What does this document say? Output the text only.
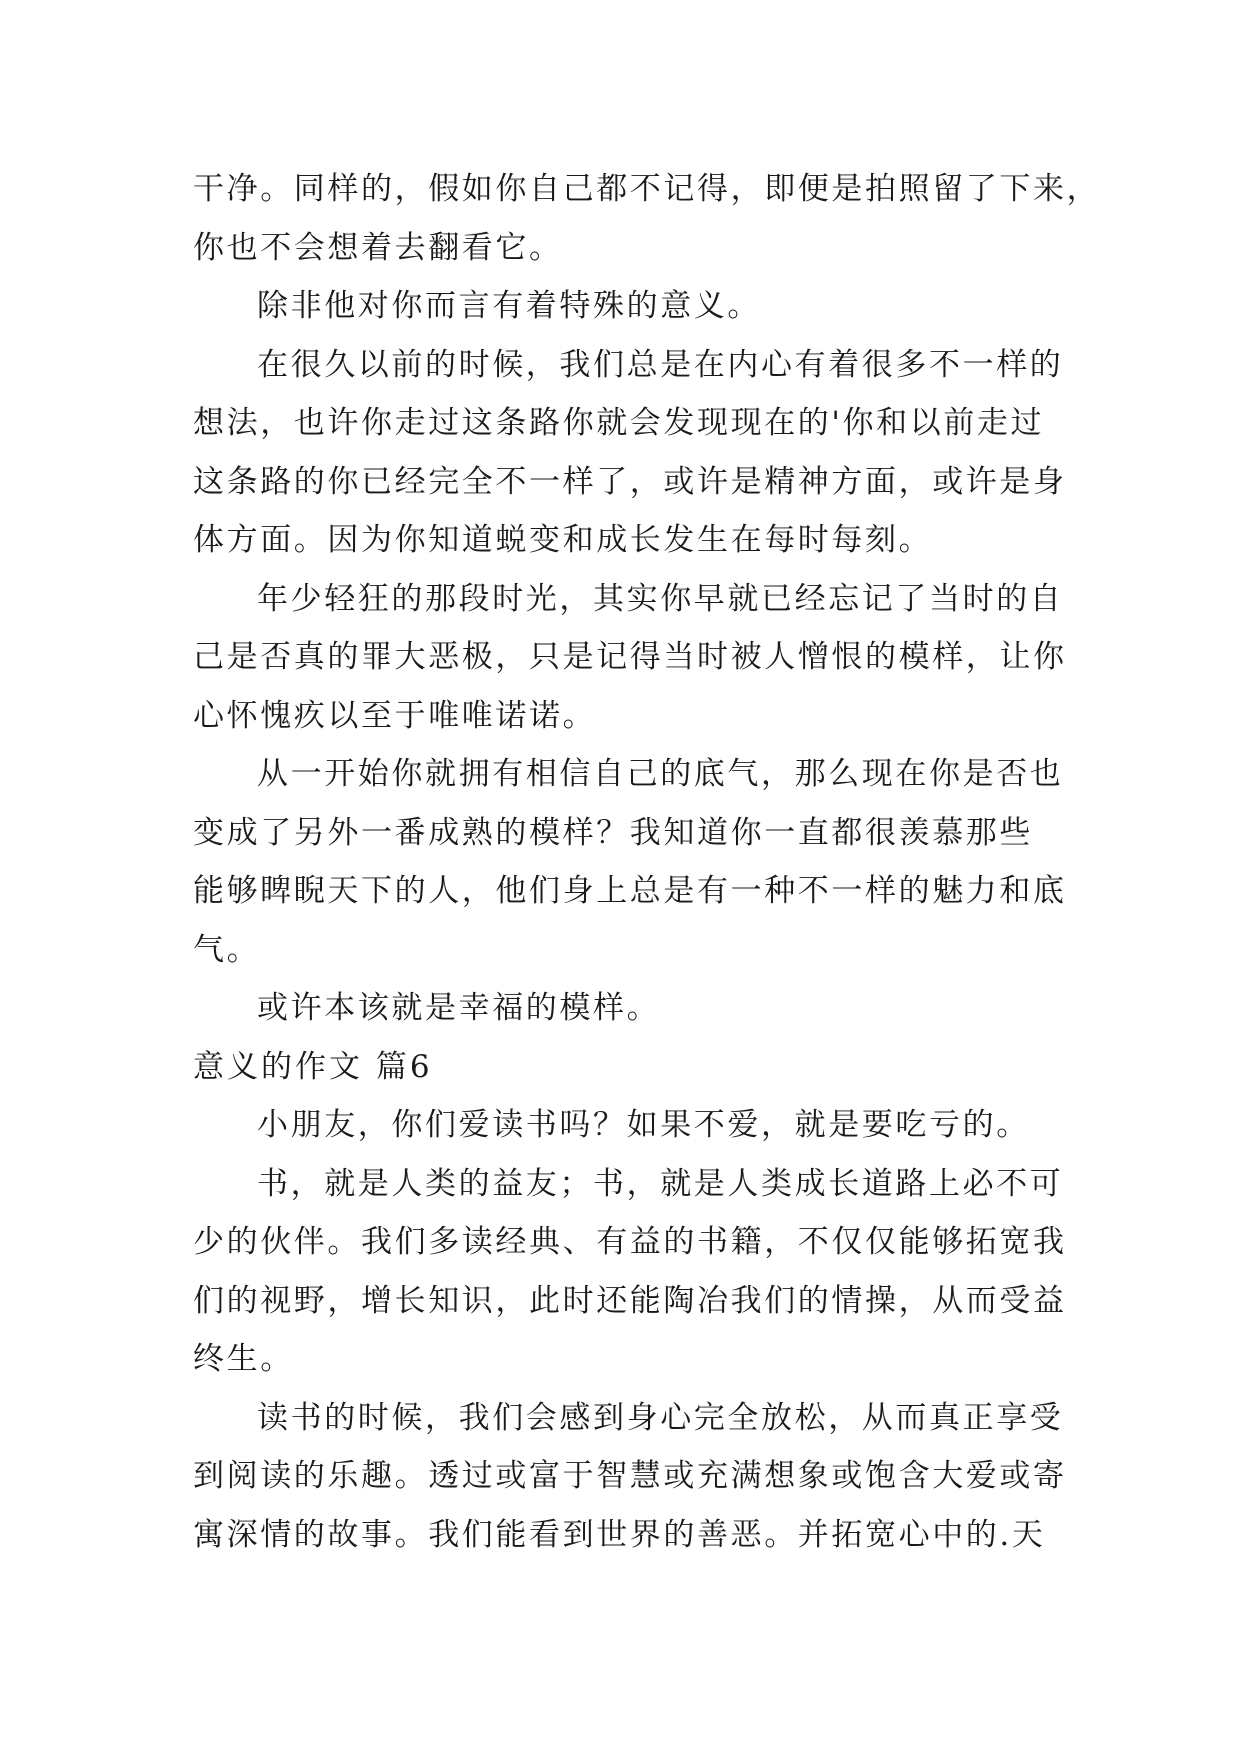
干净。同样的，假如你自己都不记得，即便是拍照留了下来，
你也不会想着去翻看它。
除非他对你而言有着特殊的意义。
在很久以前的时候，我们总是在内心有着很多不一样的
想法，也许你走过这条路你就会发现现在的'你和以前走过
这条路的你已经完全不一样了，或许是精神方面，或许是身
体方面。因为你知道蜕变和成长发生在每时每刻。
年少轻狂的那段时光，其实你早就已经忘记了当时的自
己是否真的罪大恶极，只是记得当时被人憎恨的模样，让你
心怀愧疚以至于唯唯诺诺。
从一开始你就拥有相信自己的底气，那么现在你是否也
变成了另外一番成熟的模样？我知道你一直都很羡慕那些
能够睥睨天下的人，他们身上总是有一种不一样的魅力和底
气。
或许本该就是幸福的模样。
意义的作文 篇6
小朋友，你们爱读书吗？如果不爱，就是要吃亏的。
书，就是人类的益友；书，就是人类成长道路上必不可
少的伙伴。我们多读经典、有益的书籍，不仅仅能够拓宽我
们的视野，增长知识，此时还能陶冶我们的情操，从而受益
终生。
读书的时候，我们会感到身心完全放松，从而真正享受
到阅读的乐趣。透过或富于智慧或充满想象或饱含大爱或寄
寓深情的故事。我们能看到世界的善恶。并拓宽心中的.天
